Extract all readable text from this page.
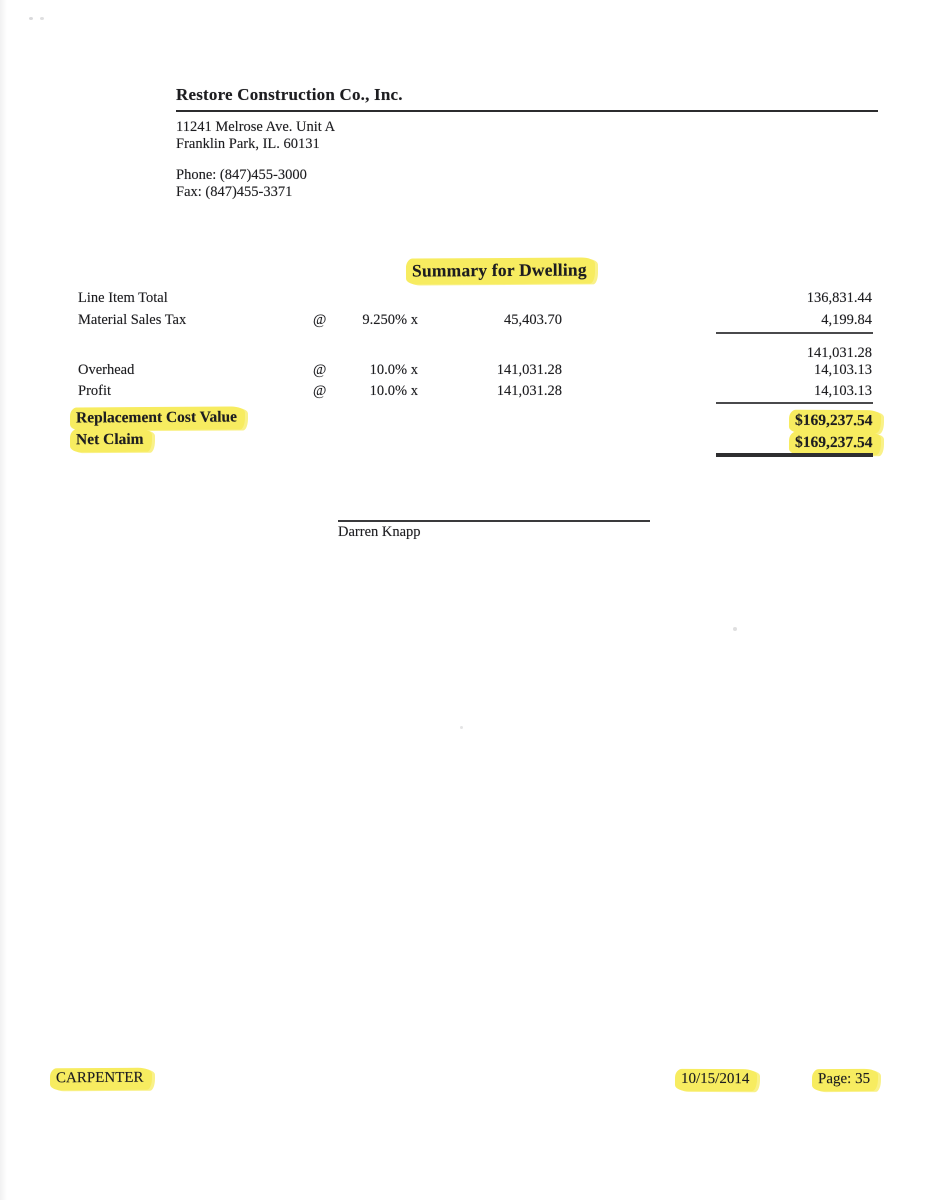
Restore Construction Co., Inc.
11241 Melrose Ave. Unit A
Franklin Park, IL. 60131
Phone: (847)455-3000
Fax: (847)455-3371
Summary for Dwelling
Line Item Total	136,831.44
Material Sales Tax	@ 9.250% x	45,403.70	4,199.84
141,031.28
Overhead	@	10.0% x	141,031.28	14,103.13
Profit	@	10.0% x	141,031.28	14,103.13
Replacement Cost Value	$169,237.54
Net Claim	$169,237.54
Darren Knapp
CARPENTER	10/15/2014	Page: 35
